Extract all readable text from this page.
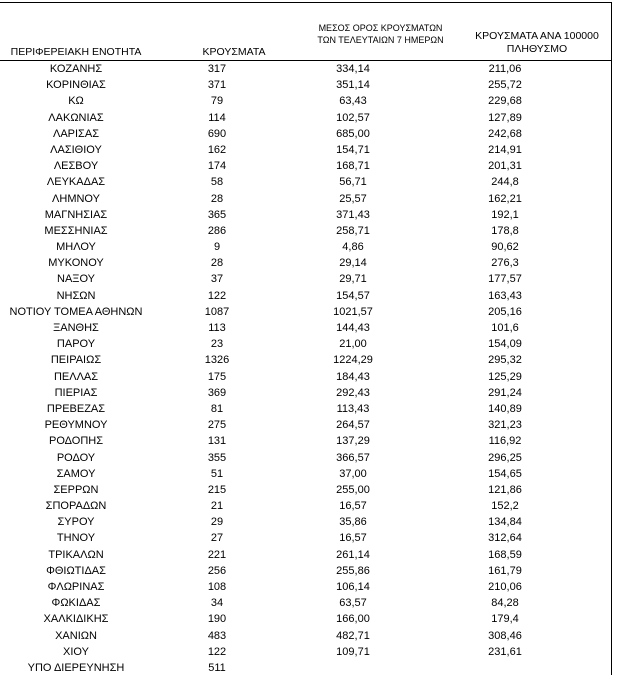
ΠΕΡΙΦΕΡΕΙΑΚΗ ΕΝΟΤΗΤΑ	ΚΡΟΥΣΜΑΤΑ
ΜΕΣΟΣ ΟΡΟΣ ΚΡΟΥΣΜΑΤΩΝ
ΤΩΝ ΤΕΛΕΥΤΑΙΩΝ 7 ΗΜΕΡΩΝ	ΚΡΟΥΣΜΑΤΑ ΑΝΑ 100000
ΠΛΗΘΥΣΜΟ
ΚΟΖΑΝΗΣ	317	334,14	211,06
ΚΟΡΙΝΘΙΑΣ	371	351,14	255,72
ΚΩ	79	63,43	229,68
ΛΑΚΩΝΙΑΣ	114	102,57	127,89
ΛΑΡΙΣΑΣ	690	685,00	242,68
ΛΑΣΙΘΙΟΥ	162	154,71	214,91
ΛΕΣΒΟΥ	174	168,71	201,31
ΛΕΥΚΑΔΑΣ	58	56,71	244,8
ΛΗΜΝΟΥ	28	25,57	162,21
ΜΑΓΝΗΣΙΑΣ	365	371,43	192,1
ΜΕΣΣΗΝΙΑΣ	286	258,71	178,8
ΜΗΛΟΥ	9	4,86	90,62
ΜΥΚΟΝΟΥ	28	29,14	276,3
ΝΑΞΟΥ	37	29,71	177,57
ΝΗΣΩΝ	122	154,57	163,43
ΝΟΤΙΟΥ ΤΟΜΕΑ ΑΘΗΝΩΝ	1087	1021,57	205,16
ΞΑΝΘΗΣ	113	144,43	101,6
ΠΑΡΟΥ	23	21,00	154,09
ΠΕΙΡΑΙΩΣ	1326	1224,29	295,32
ΠΕΛΛΑΣ	175	184,43	125,29
ΠΙΕΡΙΑΣ	369	292,43	291,24
ΠΡΕΒΕΖΑΣ	81	113,43	140,89
ΡΕΘΥΜΝΟΥ	275	264,57	321,23
ΡΟΔΟΠΗΣ	131	137,29	116,92
ΡΟΔΟΥ	355	366,57	296,25
ΣΑΜΟΥ	51	37,00	154,65
ΣΕΡΡΩΝ	215	255,00	121,86
ΣΠΟΡΑΔΩΝ	21	16,57	152,2
ΣΥΡΟΥ	29	35,86	134,84
ΤΗΝΟΥ	27	16,57	312,64
ΤΡΙΚΑΛΩΝ	221	261,14	168,59
ΦΘΙΩΤΙΔΑΣ	256	255,86	161,79
ΦΛΩΡΙΝΑΣ	108	106,14	210,06
ΦΩΚΙΔΑΣ	34	63,57	84,28
ΧΑΛΚΙΔΙΚΗΣ	190	166,00	179,4
ΧΑΝΙΩΝ	483	482,71	308,46
ΧΙΟΥ	122	109,71	231,61
ΥΠΟ ΔΙΕΡΕΥΝΗΣΗ	511
